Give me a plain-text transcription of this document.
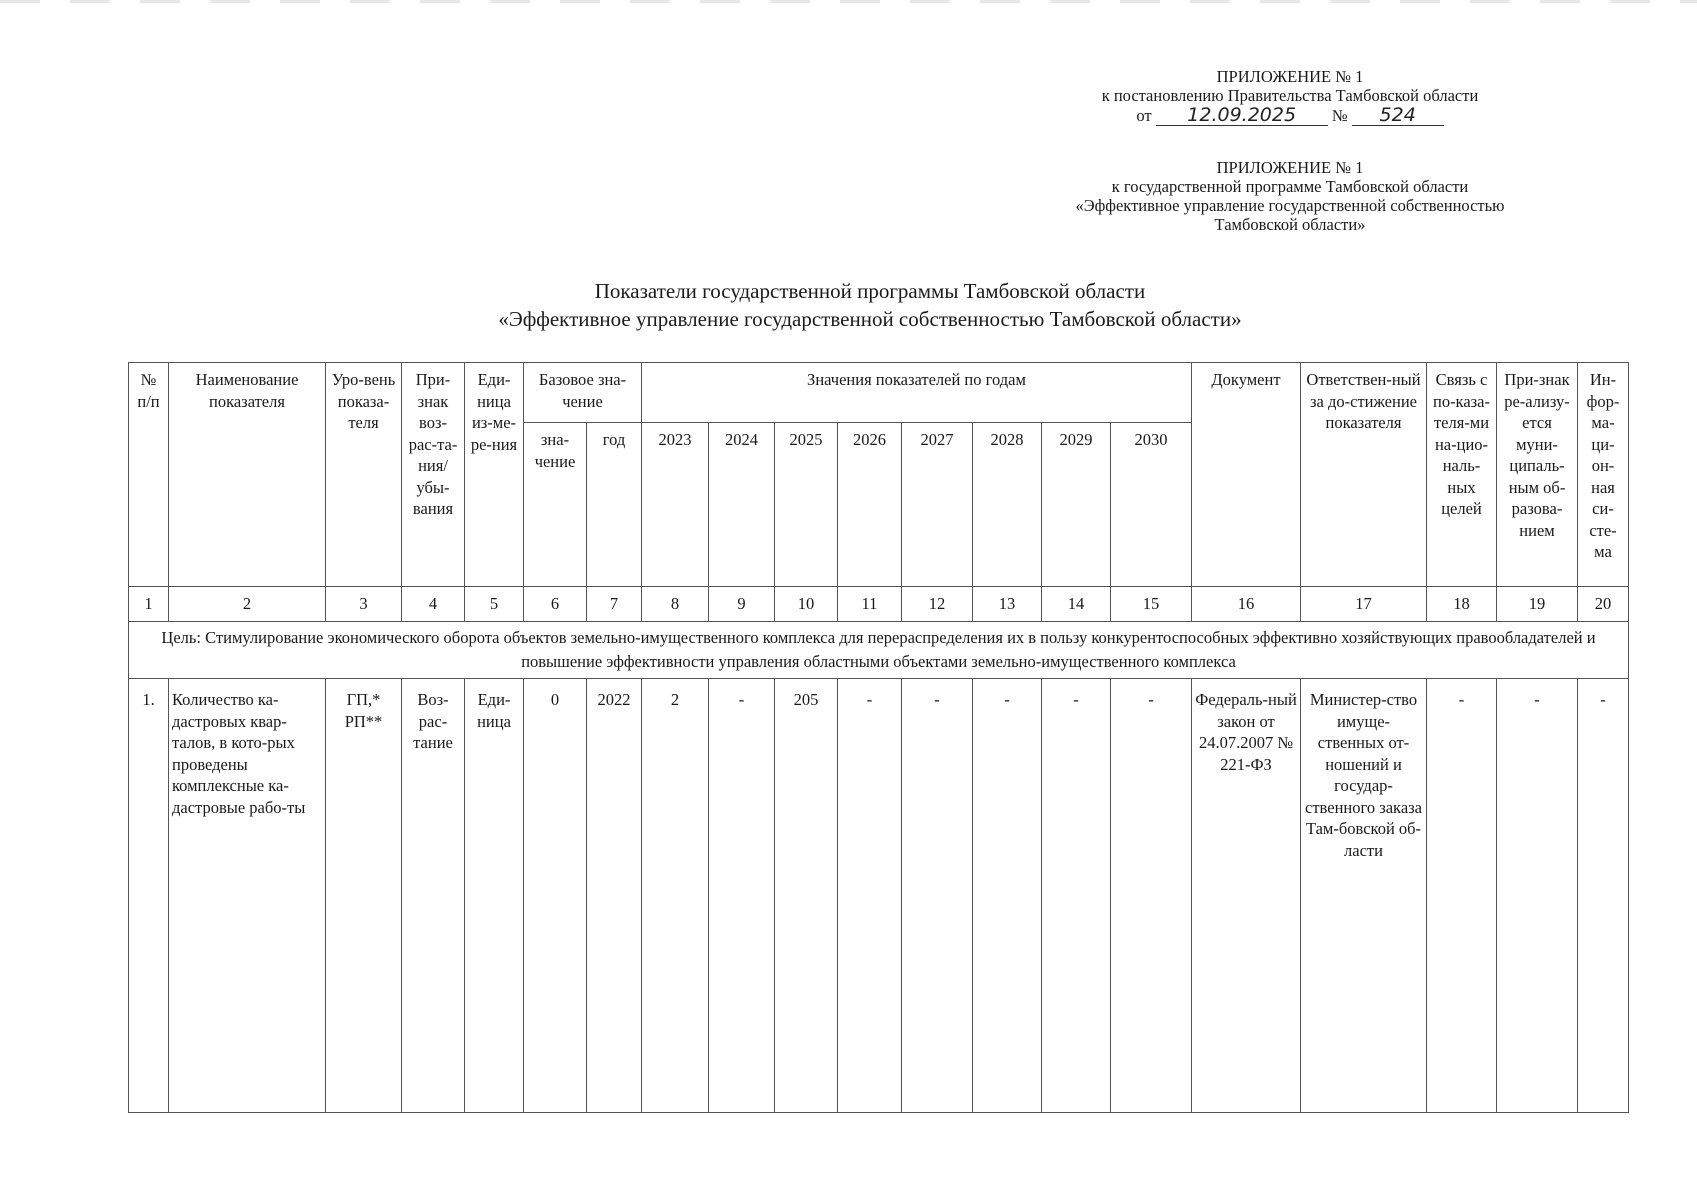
ПРИЛОЖЕНИЕ № 1
к постановлению Правительства Тамбовской области
от 12.09.2025 № 524
ПРИЛОЖЕНИЕ № 1
к государственной программе Тамбовской области
«Эффективное управление государственной собственностью
Тамбовской области»
Показатели государственной программы Тамбовской области
«Эффективное управление государственной собственностью Тамбовской области»
№ п/п	Наименование показателя	Уро-вень показа-теля	При-знак воз-рас-та-ния/ убы-вания	Еди-ница из-ме-ре-ния	Базовое зна-чение		Значения показателей по годам								Документ	Ответствен-ный за до-стижение показателя	Связь с по-каза-теля-ми на-цио-наль-ных целей	При-знак ре-ализу-ется муни-ципаль-ным об-разова-нием	Ин-фор-ма-ци-он-ная си-сте-ма
					зна-чение	год	2023	2024	2025	2026	2027	2028	2029	2030					
1	2	3	4	5	6	7	8	9	10	11	12	13	14	15	16	17	18	19	20
Цель: Стимулирование экономического оборота объектов земельно-имущественного комплекса для перераспределения их в пользу конкурентоспособных эффективно хозяйствующих правообладателей и повышение эффективности управления областными объектами земельно-имущественного комплекса																			
1.	Количество ка-дастровых квар-талов, в кото-рых проведены комплексные ка-дастровые рабо-ты	ГП,* РП**	Воз-рас-тание	Еди-ница	0	2022	2	-	205	-	-	-	-	-	Федераль-ный закон от 24.07.2007 № 221-ФЗ	Министер-ство имуще-ственных от-ношений и государ-ственного заказа Там-бовской об-ласти	-	-	-
